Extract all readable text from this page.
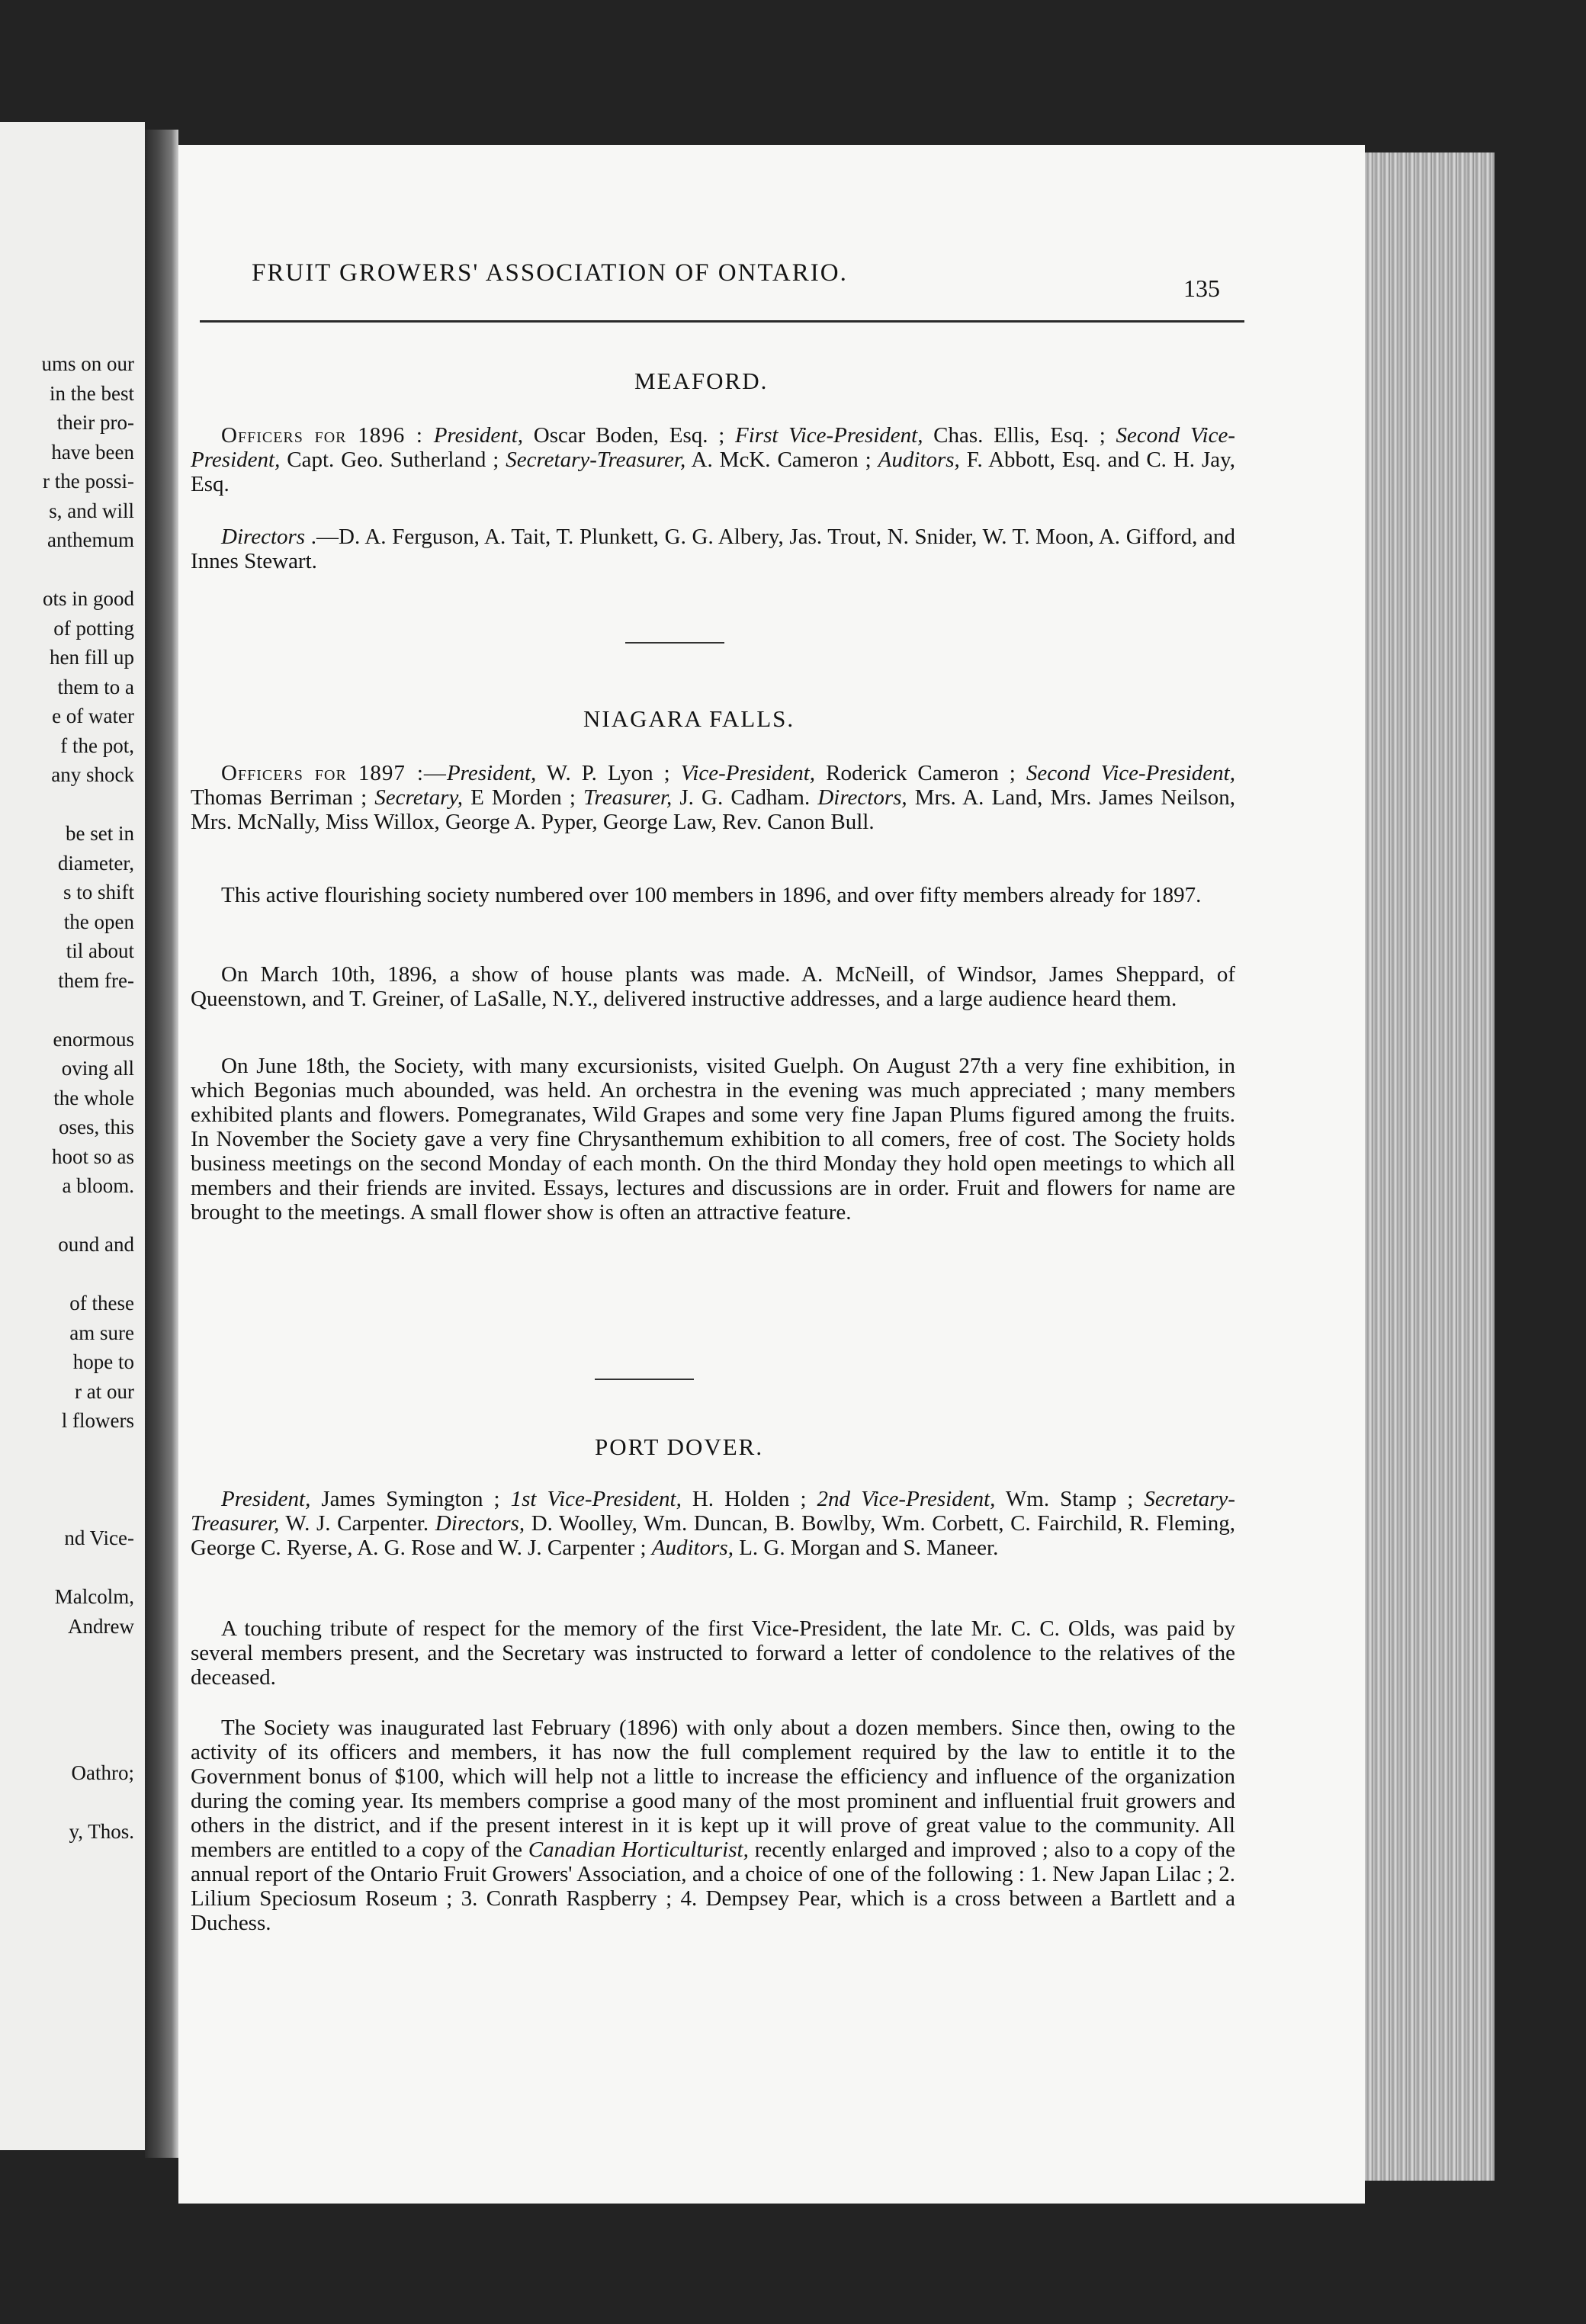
ums on our
in the best
their pro-
have been
r the possi-
s, and will
anthemum
ots in good
of potting
hen fill up
them to a
e of water
f the pot,
any shock
be set in
diameter,
s to shift
the open
til about
them fre-
enormous
oving all
the whole
oses, this
hoot so as
a bloom.
ound and
of these
am sure
hope to
r at our
l flowers
nd Vice-
Malcolm,
Andrew
Oathro;
y, Thos.
FRUIT GROWERS' ASSOCIATION OF ONTARIO.
135
MEAFORD.
Officers for 1896 : President, Oscar Boden, Esq. ; First Vice-President, Chas. Ellis, Esq. ; Second Vice-President, Capt. Geo. Sutherland ; Secretary-Treasurer, A. McK. Cameron ; Auditors, F. Abbott, Esq. and C. H. Jay, Esq.
Directors .—D. A. Ferguson, A. Tait, T. Plunkett, G. G. Albery, Jas. Trout, N. Snider, W. T. Moon, A. Gifford, and Innes Stewart.
NIAGARA FALLS.
Officers for 1897 :—President, W. P. Lyon ; Vice-President, Roderick Cameron ; Second Vice-President, Thomas Berriman ; Secretary, E Morden ; Treasurer, J. G. Cadham. Directors, Mrs. A. Land, Mrs. James Neilson, Mrs. McNally, Miss Willox, George A. Pyper, George Law, Rev. Canon Bull.
This active flourishing society numbered over 100 members in 1896, and over fifty members already for 1897.
On March 10th, 1896, a show of house plants was made. A. McNeill, of Windsor, James Sheppard, of Queenstown, and T. Greiner, of LaSalle, N.Y., delivered instructive addresses, and a large audience heard them.
On June 18th, the Society, with many excursionists, visited Guelph. On August 27th a very fine exhibition, in which Begonias much abounded, was held. An orchestra in the evening was much appreciated ; many members exhibited plants and flowers. Pomegranates, Wild Grapes and some very fine Japan Plums figured among the fruits. In November the Society gave a very fine Chrysanthemum exhibition to all comers, free of cost. The Society holds business meetings on the second Monday of each month. On the third Monday they hold open meetings to which all members and their friends are invited. Essays, lectures and discussions are in order. Fruit and flowers for name are brought to the meetings. A small flower show is often an attractive feature.
PORT DOVER.
President, James Symington ; 1st Vice-President, H. Holden ; 2nd Vice-President, Wm. Stamp ; Secretary-Treasurer, W. J. Carpenter. Directors, D. Woolley, Wm. Duncan, B. Bowlby, Wm. Corbett, C. Fairchild, R. Fleming, George C. Ryerse, A. G. Rose and W. J. Carpenter ; Auditors, L. G. Morgan and S. Maneer.
A touching tribute of respect for the memory of the first Vice-President, the late Mr. C. C. Olds, was paid by several members present, and the Secretary was instructed to forward a letter of condolence to the relatives of the deceased.
The Society was inaugurated last February (1896) with only about a dozen members. Since then, owing to the activity of its officers and members, it has now the full complement required by the law to entitle it to the Government bonus of $100, which will help not a little to increase the efficiency and influence of the organization during the coming year. Its members comprise a good many of the most prominent and influential fruit growers and others in the district, and if the present interest in it is kept up it will prove of great value to the community. All members are entitled to a copy of the Canadian Horticulturist, recently enlarged and improved ; also to a copy of the annual report of the Ontario Fruit Growers' Association, and a choice of one of the following : 1. New Japan Lilac ; 2. Lilium Speciosum Roseum ; 3. Conrath Raspberry ; 4. Dempsey Pear, which is a cross between a Bartlett and a Duchess.
